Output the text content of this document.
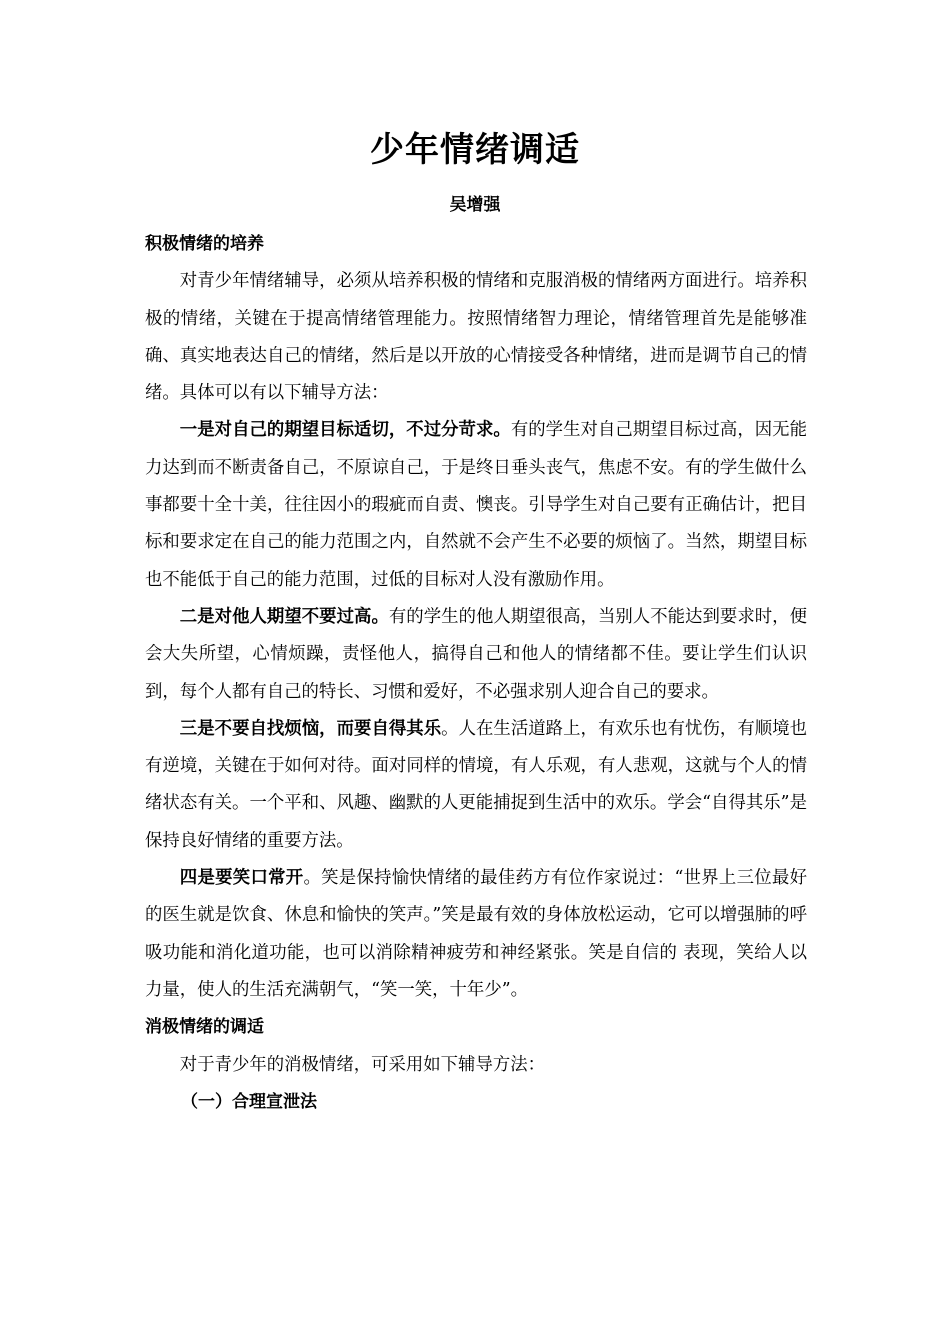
少年情绪调适
吴增强

积极情绪的培养

对青少年情绪辅导，必须从培养积极的情绪和克服消极的情绪两方面进行。培养积极的情绪，关键在于提高情绪管理能力。按照情绪智力理论，情绪管理首先是能够准确、真实地表达自己的情绪，然后是以开放的心情接受各种情绪，进而是调节自己的情绪。具体可以有以下辅导方法：

一是对自己的期望目标适切，不过分苛求。有的学生对自己期望目标过高，因无能力达到而不断责备自己，不原谅自己，于是终日垂头丧气，焦虑不安。有的学生做什么事都要十全十美，往往因小的瑕疵而自责、懊丧。引导学生对自己要有正确估计，把目标和要求定在自己的能力范围之内，自然就不会产生不必要的烦恼了。当然，期望目标也不能低于自己的能力范围，过低的目标对人没有激励作用。

二是对他人期望不要过高。有的学生的他人期望很高，当别人不能达到要求时，便会大失所望，心情烦躁，责怪他人，搞得自己和他人的情绪都不佳。要让学生们认识到，每个人都有自己的特长、习惯和爱好，不必强求别人迎合自己的要求。

三是不要自找烦恼，而要自得其乐。人在生活道路上，有欢乐也有忧伤，有顺境也有逆境，关键在于如何对待。面对同样的情境，有人乐观，有人悲观，这就与个人的情绪状态有关。一个平和、风趣、幽默的人更能捕捉到生活中的欢乐。学会“自得其乐”是保持良好情绪的重要方法。

四是要笑口常开。笑是保持愉快情绪的最佳药方有位作家说过：“世界上三位最好的医生就是饮食、休息和愉快的笑声。”笑是最有效的身体放松运动，它可以增强肺的呼吸功能和消化道功能，也可以消除精神疲劳和神经紧张。笑是自信的 表现，笑给人以力量，使人的生活充满朝气，“笑一笑，十年少”。

消极情绪的调适

对于青少年的消极情绪，可采用如下辅导方法：

（一）合理宣泄法
